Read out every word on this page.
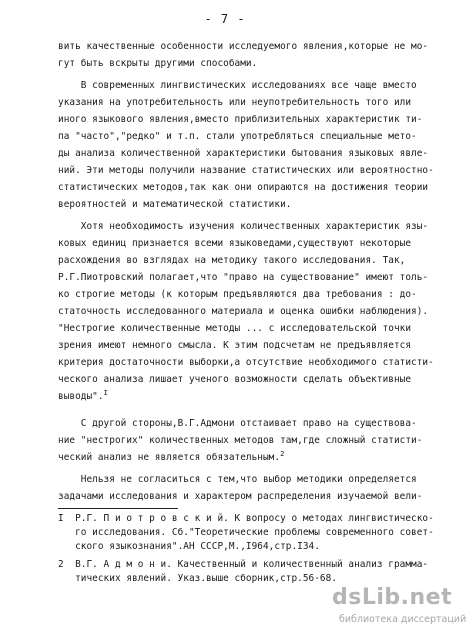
- 7 -
вить качественные особенности исследуемого явления,которые не мо-
гут быть вскрыты другими способами.
В современных лингвистических исследованиях все чаще вместо
указания на употребительность или неупотребительность того или
иного языкового явления,вместо приблизительных характеристик ти-
па "часто","редко" и т.п. стали употребляться специальные мето-
ды анализа количественной характеристики бытования языковых явле-
ний. Эти методы получили название статистических или вероятностно-
статистических методов,так как они опираются на достижения теории
вероятностей и математической статистики.
Хотя необходимость изучения количественных характеристик язы-
ковых единиц признается всеми языковедами,существуют некоторые
расхождения во взглядах на методику такого исследования. Так,
Р.Г.Пиотровский полагает,что "право на существование" имеют толь-
ко строгие методы (к которым предъявляются два требования : до-
статочность исследованного материала и оценка ошибки наблюдения).
"Нестрогие количественные методы ... с исследовательской точки
зрения имеют немного смысла. К этим подсчетам не предъявляется
критерия достаточности выборки,а отсутствие необходимого статисти-
ческого анализа лишает ученого возможности сделать объективные
выводы".$^I$
С другой стороны,В.Г.Адмони отстаивает право на существова-
ние "нестрогих" количественных методов там,где сложный статисти-
ческий анализ не является обязательным.$^2$
Нельзя не согласиться с тем,что выбор методики определяется
задачами исследования и характером распределения изучаемой вели-
I  Р.Г. П и о т р о в с к и й. К вопросу о методах лингвистическо-
го исследования. Сб."Теоретические проблемы современного совет-
ского языкознания".АН СССР,М.,I964,стр.I34.
2  В.Г. А д м о н и. Качественный и количественный анализ граммa-
тических явлений. Указ.выше сборник,стр.56-68.
dsLib.net
библиотека диссертаций
